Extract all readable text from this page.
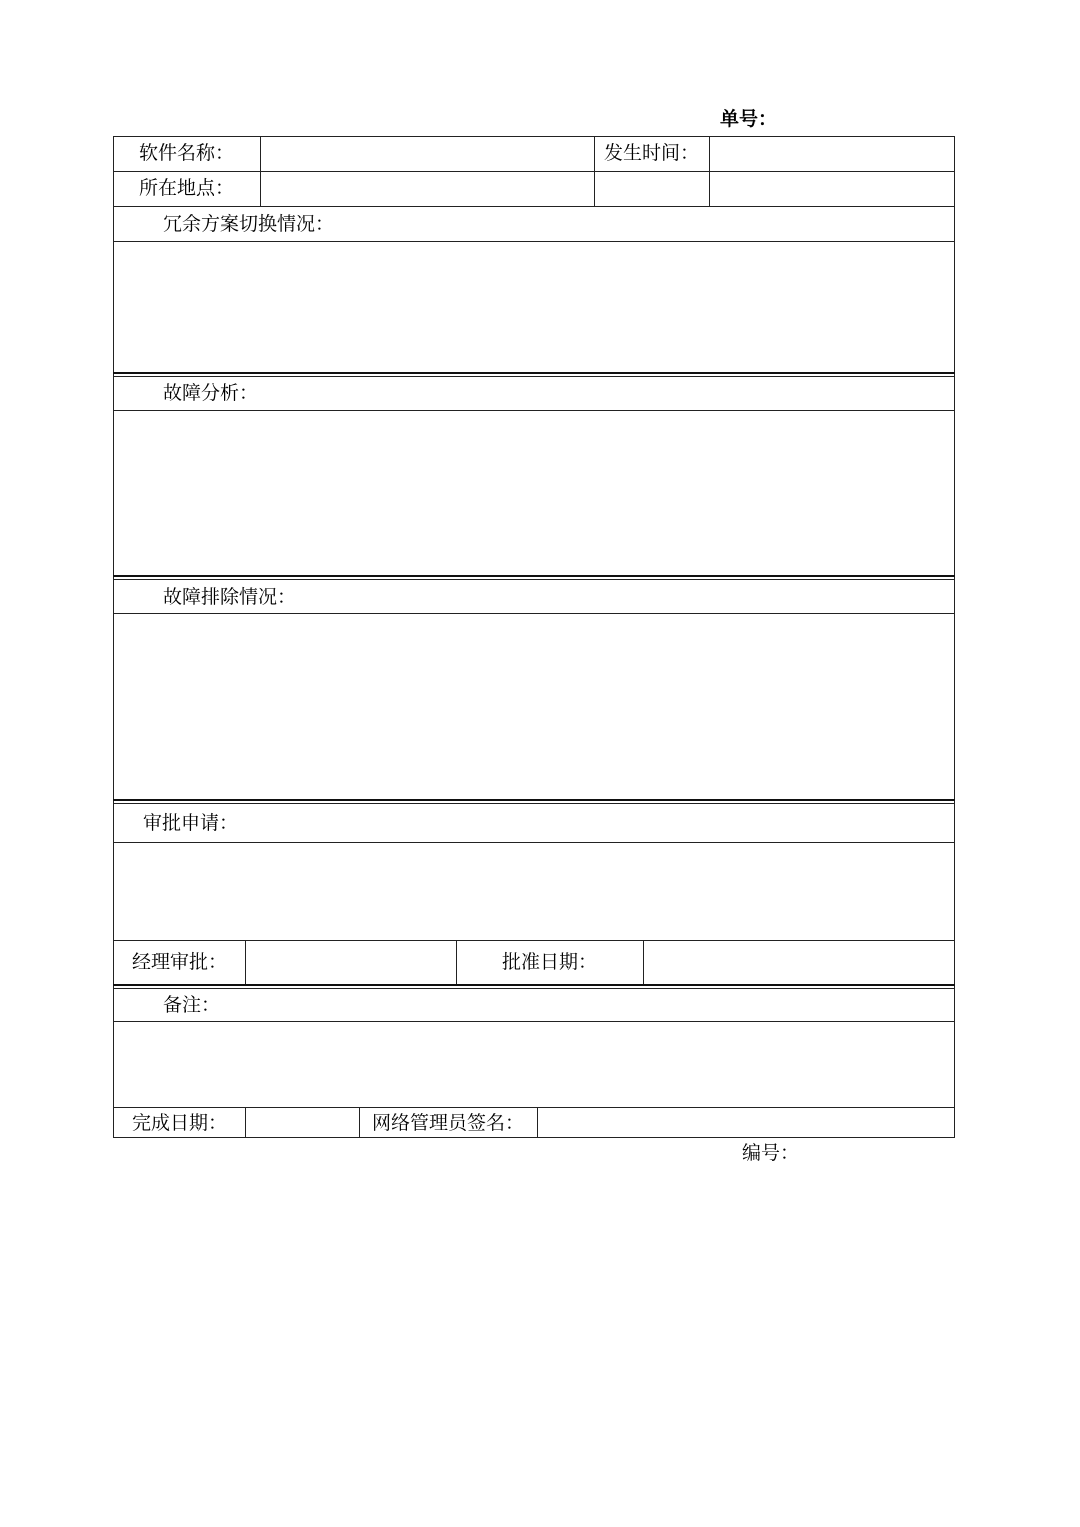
单号：
软件名称：	发生时间：
所在地点：
冗余方案切换情况：
故障分析：
故障排除情况：
审批申请：
经理审批：	批准日期：
备注：
完成日期：	网络管理员签名：
编号：
